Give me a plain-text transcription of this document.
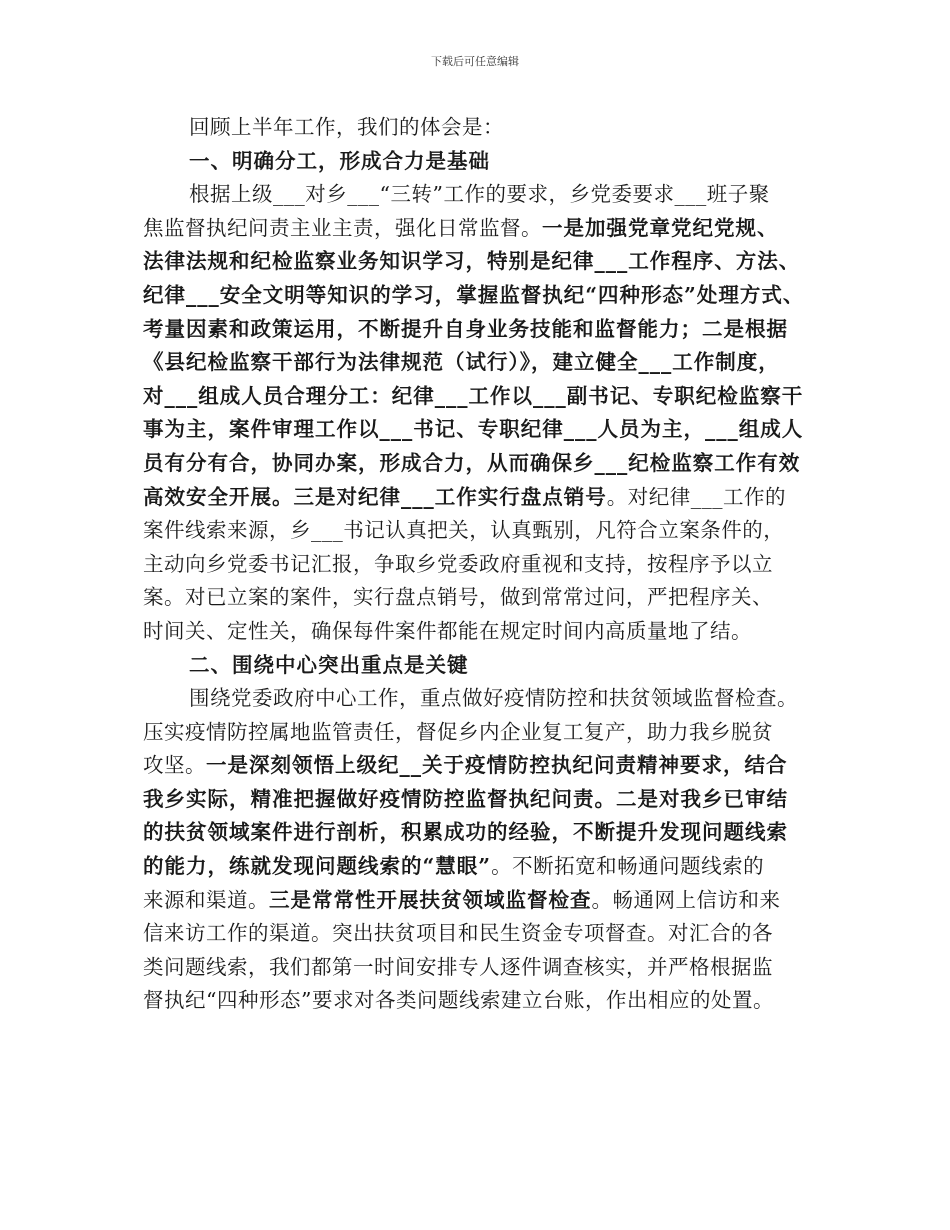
下载后可任意编辑
回顾上半年工作，我们的体会是：
一、明确分工，形成合力是基础
根据上级___对乡___“三转”工作的要求，乡党委要求___班子聚
焦监督执纪问责主业主责，强化日常监督。一是加强党章党纪党规、
法律法规和纪检监察业务知识学习，特别是纪律___工作程序、方法、
纪律___安全文明等知识的学习，掌握监督执纪“四种形态”处理方式、
考量因素和政策运用，不断提升自身业务技能和监督能力；二是根据
《县纪检监察干部行为法律规范（试行）》，建立健全___工作制度，
对___组成人员合理分工：纪律___工作以___副书记、专职纪检监察干
事为主，案件审理工作以___书记、专职纪律___人员为主，___组成人
员有分有合，协同办案，形成合力，从而确保乡___纪检监察工作有效
高效安全开展。三是对纪律___工作实行盘点销号。对纪律___工作的
案件线索来源，乡___书记认真把关，认真甄别，凡符合立案条件的，
主动向乡党委书记汇报，争取乡党委政府重视和支持，按程序予以立
案。对已立案的案件，实行盘点销号，做到常常过问，严把程序关、
时间关、定性关，确保每件案件都能在规定时间内高质量地了结。
二、围绕中心突出重点是关键
围绕党委政府中心工作，重点做好疫情防控和扶贫领域监督检查。
压实疫情防控属地监管责任，督促乡内企业复工复产，助力我乡脱贫
攻坚。一是深刻领悟上级纪__关于疫情防控执纪问责精神要求，结合
我乡实际，精准把握做好疫情防控监督执纪问责。二是对我乡已审结
的扶贫领域案件进行剖析，积累成功的经验，不断提升发现问题线索
的能力，练就发现问题线索的“慧眼”。不断拓宽和畅通问题线索的
来源和渠道。三是常常性开展扶贫领域监督检查。畅通网上信访和来
信来访工作的渠道。突出扶贫项目和民生资金专项督查。对汇合的各
类问题线索，我们都第一时间安排专人逐件调查核实，并严格根据监
督执纪“四种形态”要求对各类问题线索建立台账，作出相应的处置。
